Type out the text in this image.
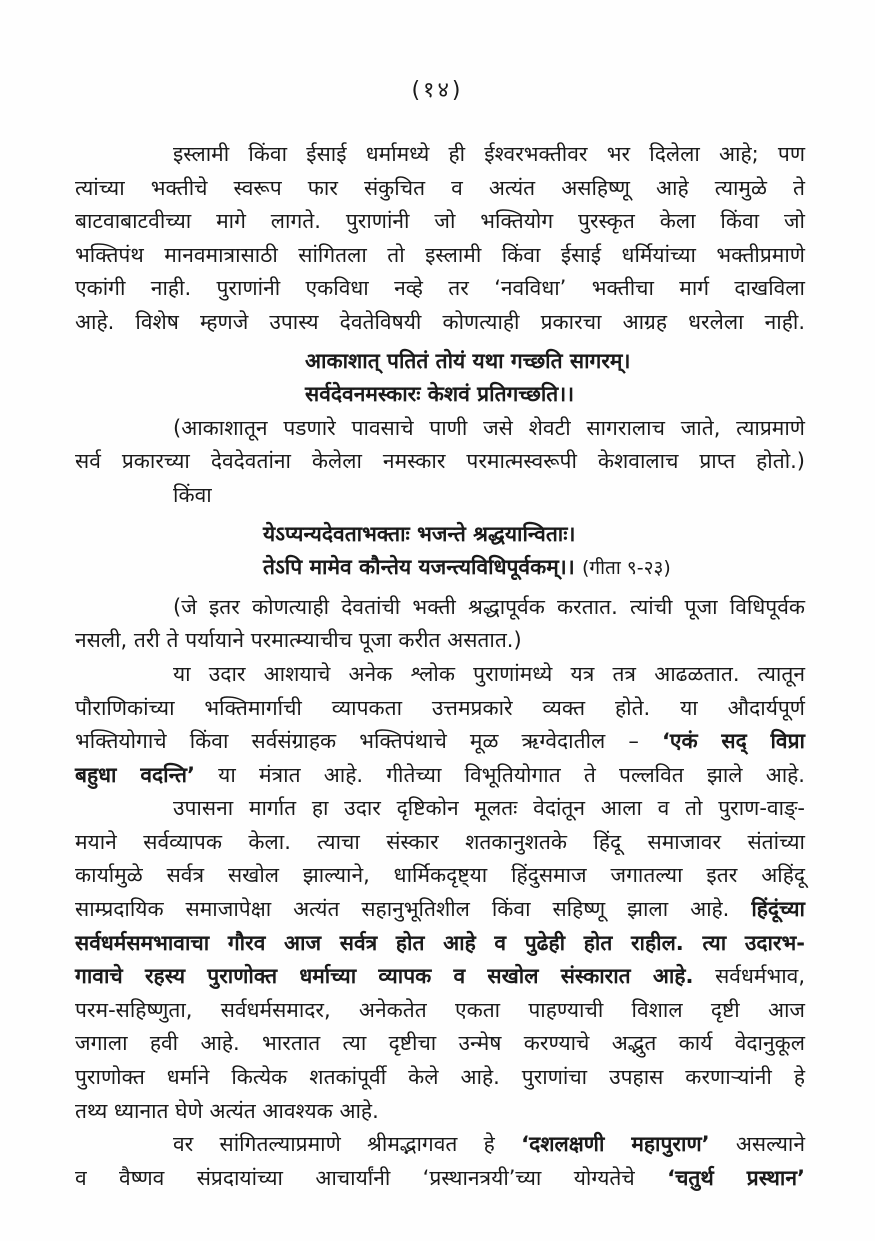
(१४)
इस्लामी किंवा ईसाई धर्मामध्ये ही ईश्वरभक्तीवर भर दिलेला आहे; पण
त्यांच्या भक्तीचे स्वरूप फार संकुचित व अत्यंत असहिष्णू आहे त्यामुळे ते
बाटवाबाटवीच्या मागे लागते. पुराणांनी जो भक्तियोग पुरस्कृत केला किंवा जो
भक्तिपंथ मानवमात्रासाठी सांगितला तो इस्लामी किंवा ईसाई धर्मियांच्या भक्तीप्रमाणे
एकांगी नाही. पुराणांनी एकविधा नव्हे तर ‘नवविधा’ भक्तीचा मार्ग दाखविला
आहे. विशेष म्हणजे उपास्य देवतेविषयी कोणत्याही प्रकारचा आग्रह धरलेला नाही.
आकाशात् पतितं तोयं यथा गच्छति सागरम्।
सर्वदेवनमस्कारः केशवं प्रतिगच्छति।।
(आकाशातून पडणारे पावसाचे पाणी जसे शेवटी सागरालाच जाते, त्याप्रमाणे
सर्व प्रकारच्या देवदेवतांना केलेला नमस्कार परमात्मस्वरूपी केशवालाच प्राप्त होतो.)
किंवा
येऽप्यन्यदेवताभक्ताः भजन्ते श्रद्धयान्विताः।
तेऽपि मामेव कौन्तेय यजन्त्यविधिपूर्वकम्।। (गीता ९-२३)
(जे इतर कोणत्याही देवतांची भक्ती श्रद्धापूर्वक करतात. त्यांची पूजा विधिपूर्वक
नसली, तरी ते पर्यायाने परमात्म्याचीच पूजा करीत असतात.)
या उदार आशयाचे अनेक श्लोक पुराणांमध्ये यत्र तत्र आढळतात. त्यातून
पौराणिकांच्या भक्तिमार्गाची व्यापकता उत्तमप्रकारे व्यक्त होते. या औदार्यपूर्ण
भक्तियोगाचे किंवा सर्वसंग्राहक भक्तिपंथाचे मूळ ऋग्वेदातील – ‘एकं सद् विप्रा
बहुधा वदन्ति’ या मंत्रात आहे. गीतेच्या विभूतियोगात ते पल्लवित झाले आहे.
उपासना मार्गात हा उदार दृष्टिकोन मूलतः वेदांतून आला व तो पुराण-वाङ्-
मयाने सर्वव्यापक केला. त्याचा संस्कार शतकानुशतके हिंदू समाजावर संतांच्या
कार्यामुळे सर्वत्र सखोल झाल्याने, धार्मिकदृष्ट्या हिंदुसमाज जगातल्या इतर अहिंदू
साम्प्रदायिक समाजापेक्षा अत्यंत सहानुभूतिशील किंवा सहिष्णू झाला आहे. हिंदूंच्या
सर्वधर्मसमभावाचा गौरव आज सर्वत्र होत आहे व पुढेही होत राहील. त्या उदारभ-
गावाचे रहस्य पुराणोक्त धर्माच्या व्यापक व सखोल संस्कारात आहे. सर्वधर्मभाव,
परम-सहिष्णुता, सर्वधर्मसमादर, अनेकतेत एकता पाहण्याची विशाल दृष्टी आज
जगाला हवी आहे. भारतात त्या दृष्टीचा उन्मेष करण्याचे अद्भुत कार्य वेदानुकूल
पुराणोक्त धर्माने कित्येक शतकांपूर्वी केले आहे. पुराणांचा उपहास करणाऱ्यांनी हे
तथ्य ध्यानात घेणे अत्यंत आवश्यक आहे.
वर सांगितल्याप्रमाणे श्रीमद्भागवत हे ‘दशलक्षणी महापुराण’ असल्याने
व वैष्णव संप्रदायांच्या आचार्यांनी ‘प्रस्थानत्रयी’च्या योग्यतेचे ‘चतुर्थ प्रस्थान’
